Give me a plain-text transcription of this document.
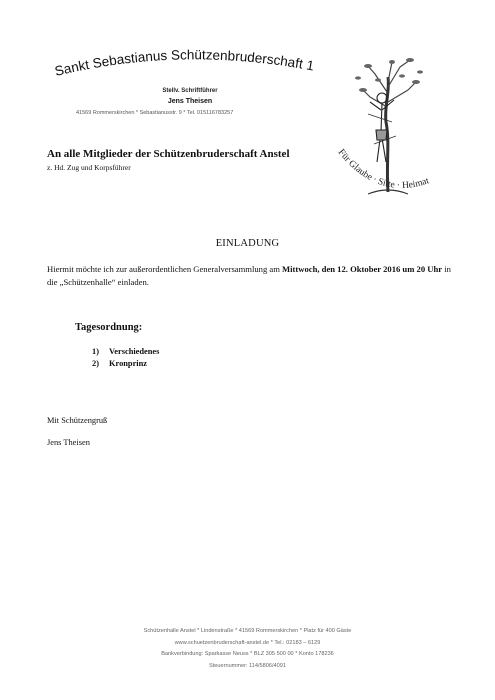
Sankt Sebastianus Schützenbruderschaft 1
Stellv. Schriftführer
Jens Theisen
41569 Rommerskirchen * Sebastianusstr. 9 * Tel. 015116783257
Für Glaube · Sitte · Heimat
An alle Mitglieder der Schützenbruderschaft Anstel
z. Hd. Zug und Korpsführer
EINLADUNG
Hiermit möchte ich zur außerordentlichen Generalversammlung am Mittwoch, den 12. Oktober 2016 um 20 Uhr in die „Schützenhalle“ einladen.
Tagesordnung:
1) Verschiedenes
2) Kronprinz
Mit Schützengruß
Jens Theisen
Schützenhalle Anstel * Lindenstraße * 41569 Rommerskirchen * Platz für 400 Gäste
www.schuetzenbruderschaft-anstel.de * Tel.: 02183 – 6129
Bankverbindung: Sparkasse Neuss * BLZ 305 500 00 * Konto 178236
Steuernummer: 114/5806/4091
